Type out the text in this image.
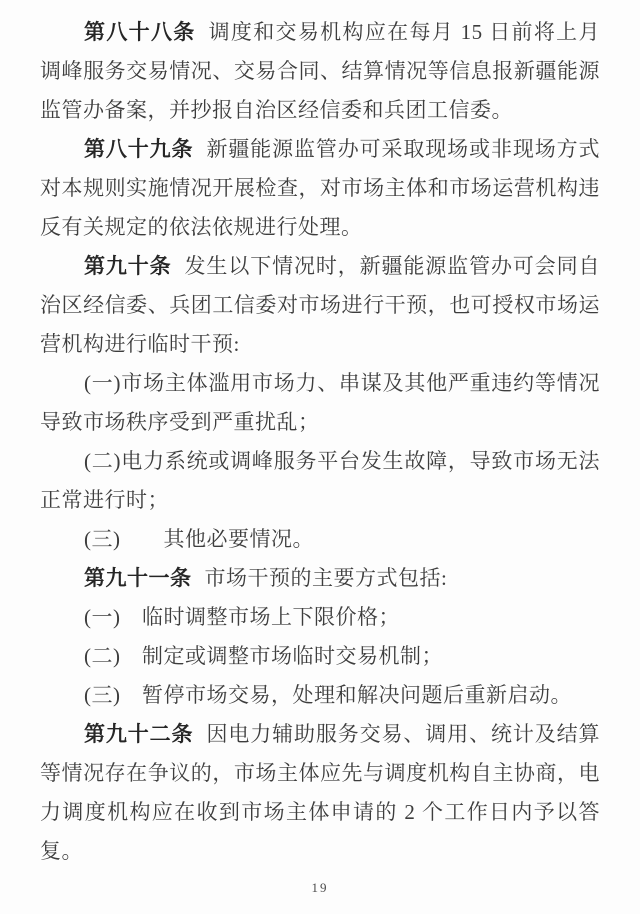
第八十八条 调度和交易机构应在每月 15 日前将上月调峰服务交易情况、交易合同、结算情况等信息报新疆能源监管办备案，并抄报自治区经信委和兵团工信委。

第八十九条 新疆能源监管办可采取现场或非现场方式对本规则实施情况开展检查，对市场主体和市场运营机构违反有关规定的依法依规进行处理。

第九十条 发生以下情况时，新疆能源监管办可会同自治区经信委、兵团工信委对市场进行干预，也可授权市场运营机构进行临时干预:

(一)市场主体滥用市场力、串谋及其他严重违约等情况导致市场秩序受到严重扰乱；

(二)电力系统或调峰服务平台发生故障，导致市场无法正常进行时；

(三)　　其他必要情况。

第九十一条 市场干预的主要方式包括:

(一)　临时调整市场上下限价格；

(二)　制定或调整市场临时交易机制；

(三)　暂停市场交易，处理和解决问题后重新启动。

第九十二条 因电力辅助服务交易、调用、统计及结算等情况存在争议的，市场主体应先与调度机构自主协商，电力调度机构应在收到市场主体申请的 2 个工作日内予以答复。

19
